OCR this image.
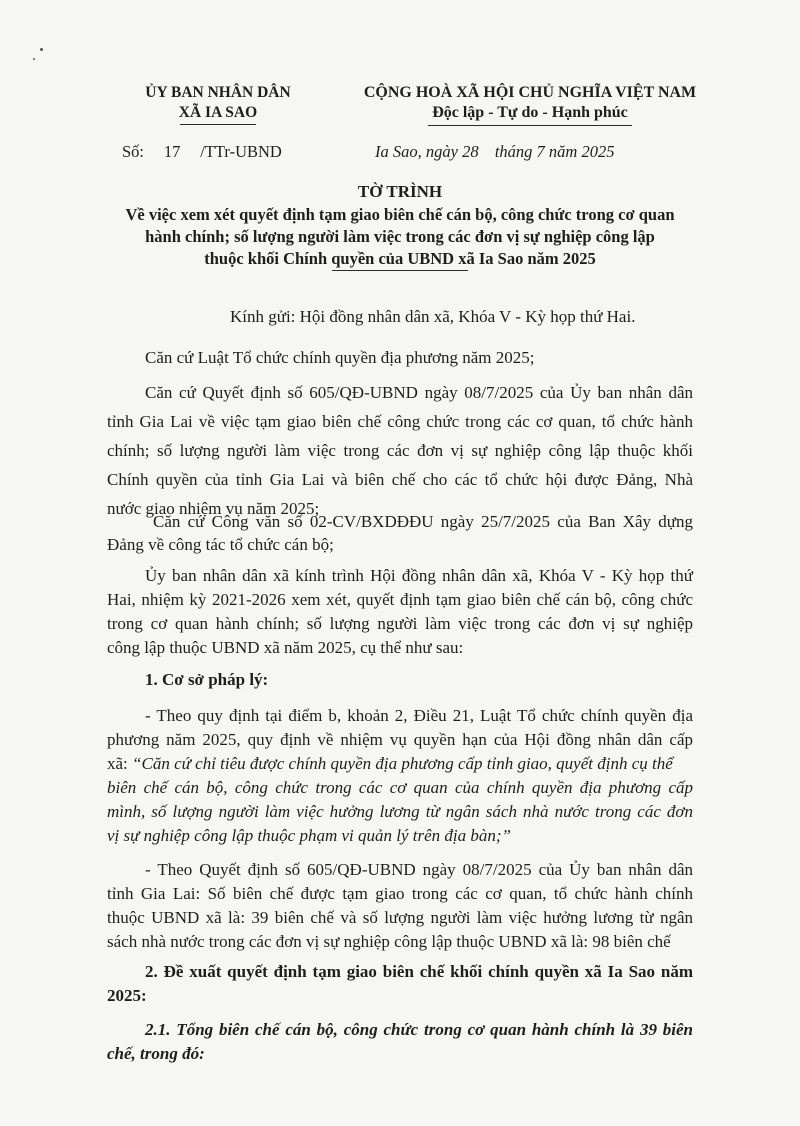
ỦY BAN NHÂN DÂN
XÃ IA SAO
CỘNG HOÀ XÃ HỘI CHỦ NGHĨA VIỆT NAM
Độc lập - Tự do - Hạnh phúc
Số: 17 /TTr-UBND	Ia Sao, ngày 28 tháng 7 năm 2025
TỜ TRÌNH
Về việc xem xét quyết định tạm giao biên chế cán bộ, công chức trong cơ quan
hành chính; số lượng người làm việc trong các đơn vị sự nghiệp công lập
thuộc khối Chính quyền của UBND xã Ia Sao năm 2025
Kính gửi: Hội đồng nhân dân xã, Khóa V - Kỳ họp thứ Hai.
Căn cứ Luật Tổ chức chính quyền địa phương năm 2025;
Căn cứ Quyết định số 605/QĐ-UBND ngày 08/7/2025 của Ủy ban nhân dân
tỉnh Gia Lai về việc tạm giao biên chế công chức trong các cơ quan, tổ chức hành
chính; số lượng người làm việc trong các đơn vị sự nghiệp công lập thuộc khối
Chính quyền của tỉnh Gia Lai và biên chế cho các tổ chức hội được Đảng, Nhà
nước giao nhiệm vụ năm 2025;
Căn cứ Công văn số 02-CV/BXDĐĐU ngày 25/7/2025 của Ban Xây dựng
Đảng về công tác tổ chức cán bộ;
Ủy ban nhân dân xã kính trình Hội đồng nhân dân xã, Khóa V - Kỳ họp thứ
Hai, nhiệm kỳ 2021-2026 xem xét, quyết định tạm giao biên chế cán bộ, công chức
trong cơ quan hành chính; số lượng người làm việc trong các đơn vị sự nghiệp
công lập thuộc UBND xã năm 2025, cụ thể như sau:
1. Cơ sở pháp lý:
- Theo quy định tại điểm b, khoản 2, Điều 21, Luật Tổ chức chính quyền địa
phương năm 2025, quy định về nhiệm vụ quyền hạn của Hội đồng nhân dân cấp
xã: “Căn cứ chỉ tiêu được chính quyền địa phương cấp tỉnh giao, quyết định cụ thể
biên chế cán bộ, công chức trong các cơ quan của chính quyền địa phương cấp
mình, số lượng người làm việc hưởng lương từ ngân sách nhà nước trong các đơn
vị sự nghiệp công lập thuộc phạm vi quản lý trên địa bàn;”
- Theo Quyết định số 605/QĐ-UBND ngày 08/7/2025 của Ủy ban nhân dân
tỉnh Gia Lai: Số biên chế được tạm giao trong các cơ quan, tổ chức hành chính
thuộc UBND xã là: 39 biên chế và số lượng người làm việc hưởng lương từ ngân
sách nhà nước trong các đơn vị sự nghiệp công lập thuộc UBND xã là: 98 biên chế
2. Đề xuất quyết định tạm giao biên chế khối chính quyền xã Ia Sao năm
2025:
2.1. Tổng biên chế cán bộ, công chức trong cơ quan hành chính là 39 biên
chế, trong đó:
